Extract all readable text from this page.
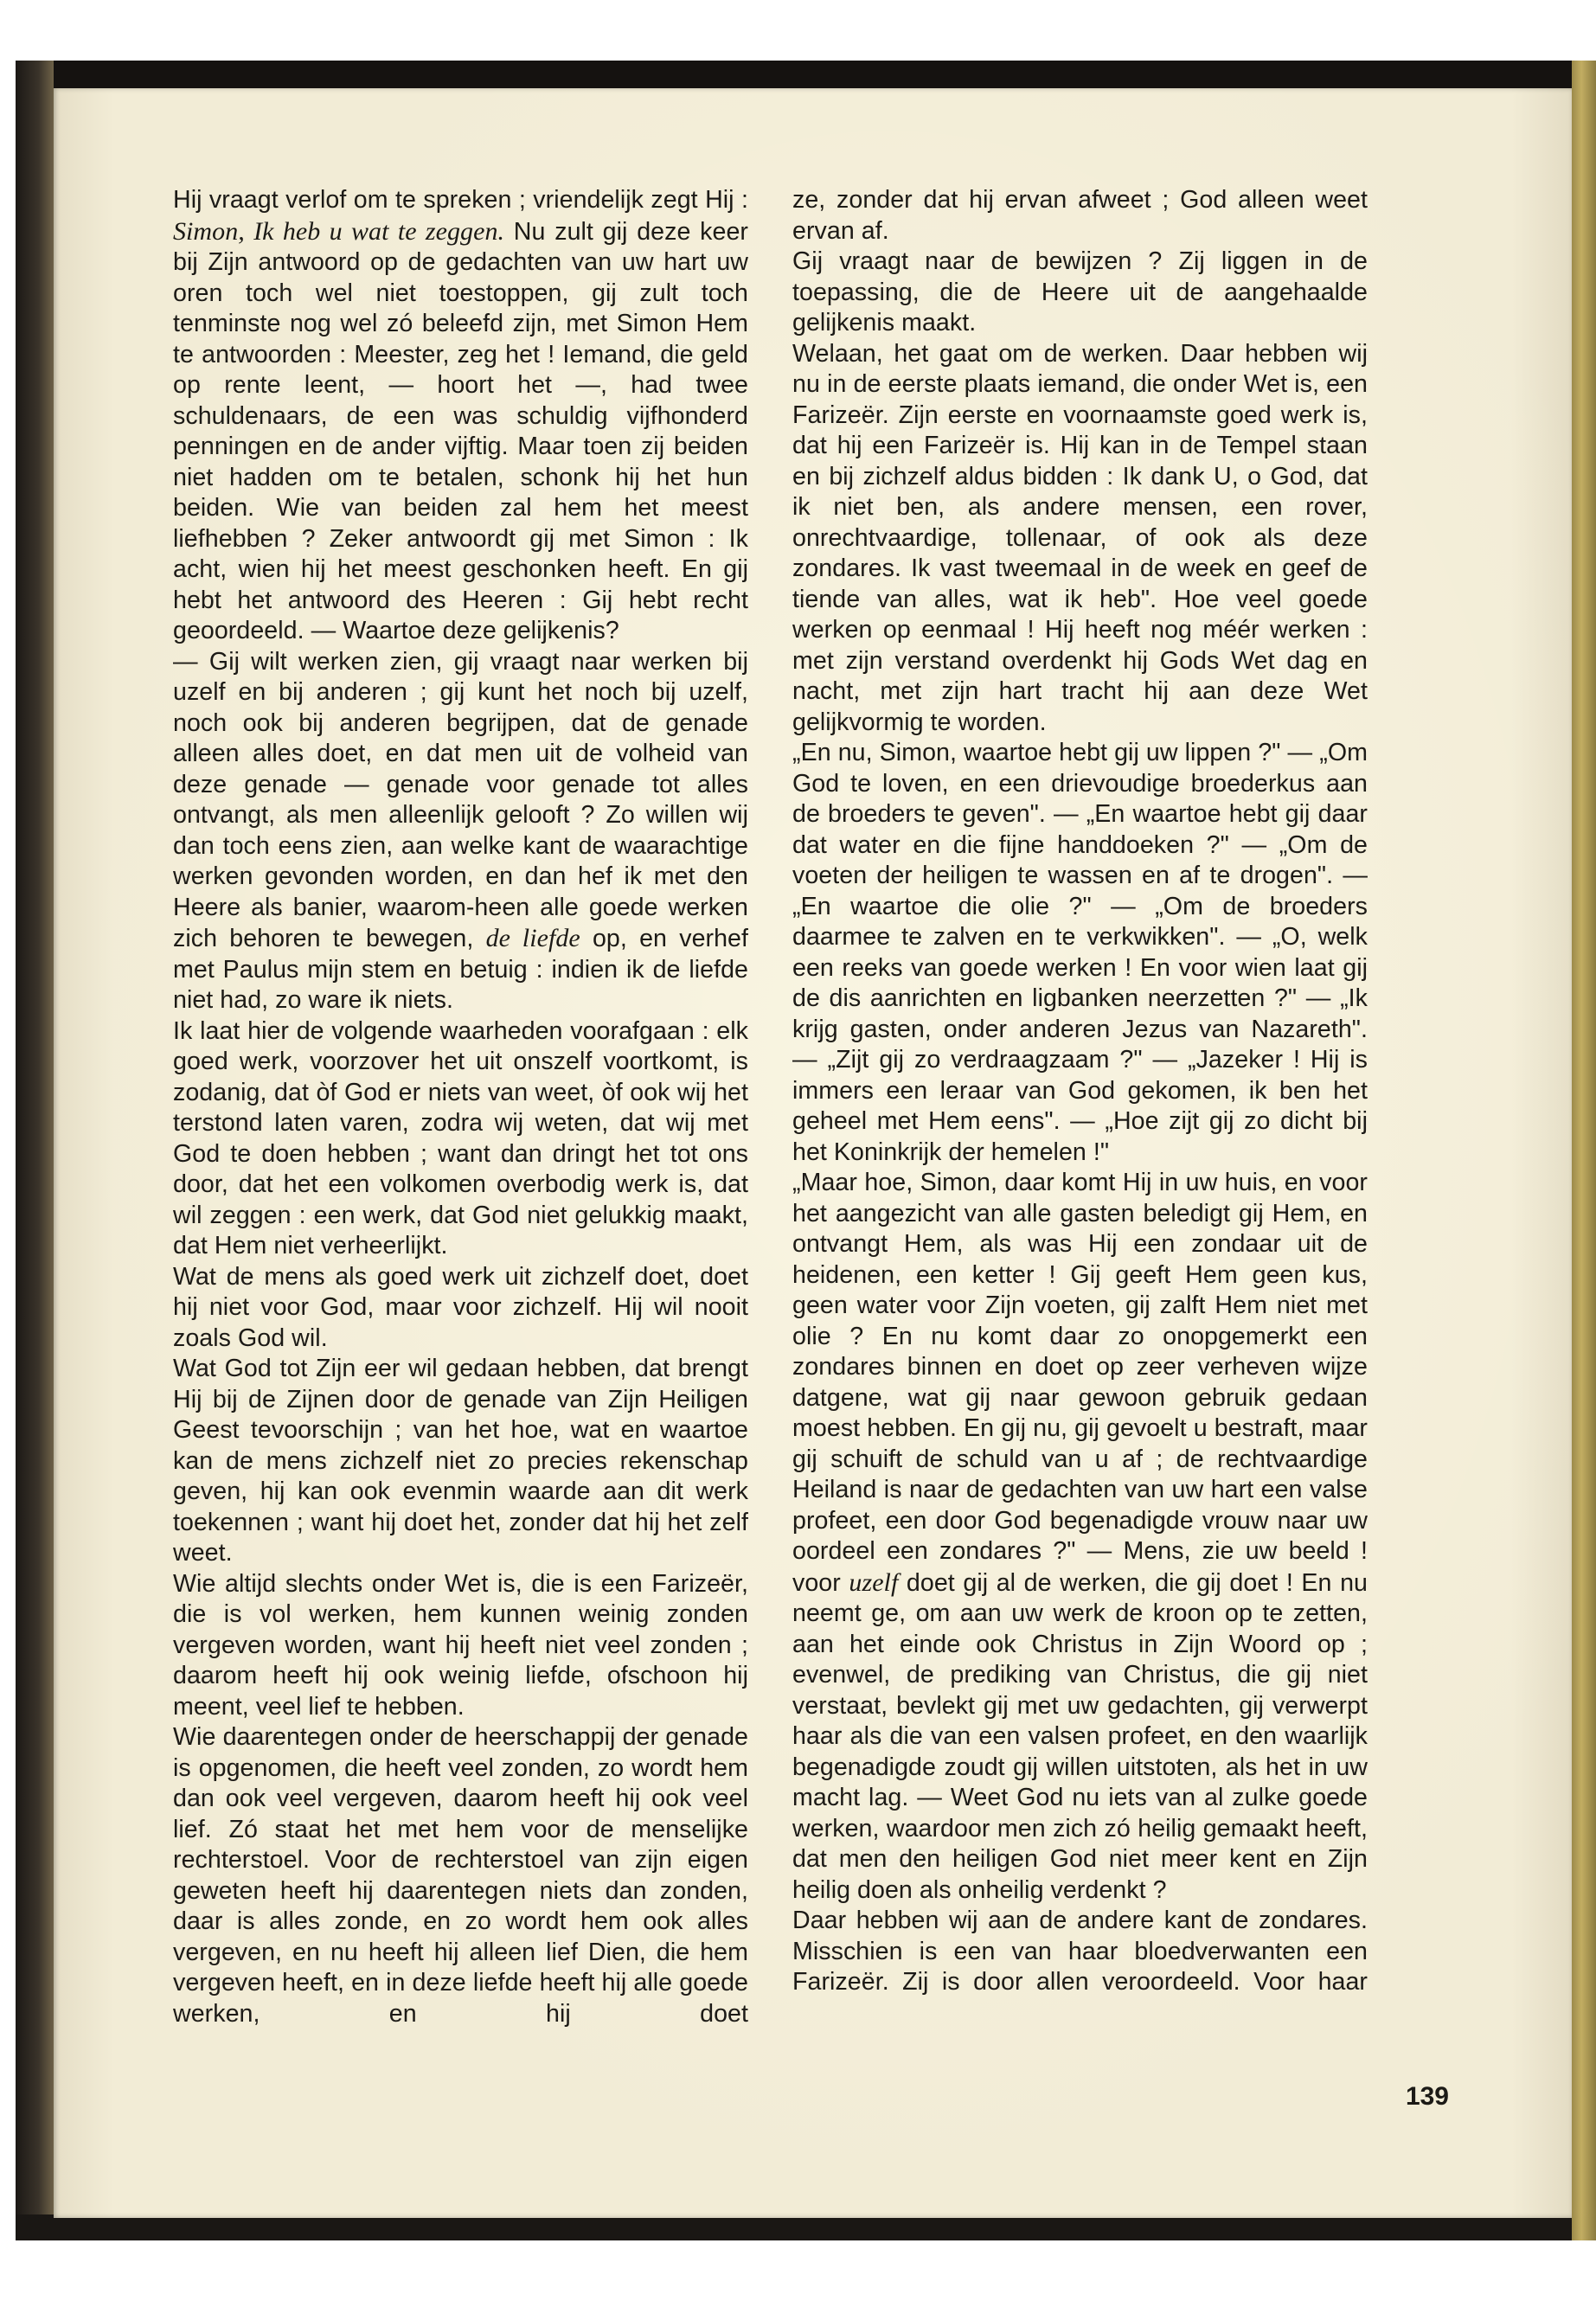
Hij vraagt verlof om te spreken ; vriendelijk zegt Hij : Simon, Ik heb u wat te zeggen. Nu zult gij deze keer bij Zijn antwoord op de gedachten van uw hart uw oren toch wel niet toestoppen, gij zult toch tenminste nog wel zó beleefd zijn, met Simon Hem te antwoorden : Meester, zeg het ! Iemand, die geld op rente leent, — hoort het —, had twee schuldenaars, de een was schuldig vijfhonderd penningen en de ander vijftig. Maar toen zij beiden niet hadden om te betalen, schonk hij het hun beiden. Wie van beiden zal hem het meest liefhebben ? Zeker antwoordt gij met Simon : Ik acht, wien hij het meest geschonken heeft. En gij hebt het antwoord des Heeren : Gij hebt recht geoordeeld. — Waartoe deze gelijkenis?

— Gij wilt werken zien, gij vraagt naar werken bij uzelf en bij anderen ; gij kunt het noch bij uzelf, noch ook bij anderen begrijpen, dat de genade alleen alles doet, en dat men uit de volheid van deze genade — genade voor genade tot alles ontvangt, als men alleenlijk gelooft ? Zo willen wij dan toch eens zien, aan welke kant de waarachtige werken gevonden worden, en dan hef ik met den Heere als banier, waarom-heen alle goede werken zich behoren te bewegen, de liefde op, en verhef met Paulus mijn stem en betuig : indien ik de liefde niet had, zo ware ik niets.

Ik laat hier de volgende waarheden voorafgaan : elk goed werk, voorzover het uit onszelf voortkomt, is zodanig, dat òf God er niets van weet, òf ook wij het terstond laten varen, zodra wij weten, dat wij met God te doen hebben ; want dan dringt het tot ons door, dat het een volkomen overbodig werk is, dat wil zeggen : een werk, dat God niet gelukkig maakt, dat Hem niet verheerlijkt.

Wat de mens als goed werk uit zichzelf doet, doet hij niet voor God, maar voor zichzelf. Hij wil nooit zoals God wil.

Wat God tot Zijn eer wil gedaan hebben, dat brengt Hij bij de Zijnen door de genade van Zijn Heiligen Geest tevoorschijn ; van het hoe, wat en waartoe kan de mens zichzelf niet zo precies rekenschap geven, hij kan ook evenmin waarde aan dit werk toekennen ; want hij doet het, zonder dat hij het zelf weet.

Wie altijd slechts onder Wet is, die is een Farizeër, die is vol werken, hem kunnen weinig zonden vergeven worden, want hij heeft niet veel zonden ; daarom heeft hij ook weinig liefde, ofschoon hij meent, veel lief te hebben.

Wie daarentegen onder de heerschappij der genade is opgenomen, die heeft veel zonden, zo wordt hem dan ook veel vergeven, daarom heeft hij ook veel lief. Zó staat het met hem voor de menselijke rechterstoel. Voor de rechterstoel van zijn eigen geweten heeft hij daarentegen niets dan zonden, daar is alles zonde, en zo wordt hem ook alles vergeven, en nu heeft hij alleen lief Dien, die hem vergeven heeft, en in deze liefde heeft hij alle goede werken, en hij doet

ze, zonder dat hij ervan afweet ; God alleen weet ervan af.

Gij vraagt naar de bewijzen ? Zij liggen in de toepassing, die de Heere uit de aangehaalde gelijkenis maakt.

Welaan, het gaat om de werken. Daar hebben wij nu in de eerste plaats iemand, die onder Wet is, een Farizeër. Zijn eerste en voornaamste goed werk is, dat hij een Farizeër is. Hij kan in de Tempel staan en bij zichzelf aldus bidden : Ik dank U, o God, dat ik niet ben, als andere mensen, een rover, onrechtvaardige, tollenaar, of ook als deze zondares. Ik vast tweemaal in de week en geef de tiende van alles, wat ik heb". Hoe veel goede werken op eenmaal ! Hij heeft nog méér werken : met zijn verstand overdenkt hij Gods Wet dag en nacht, met zijn hart tracht hij aan deze Wet gelijkvormig te worden.

„En nu, Simon, waartoe hebt gij uw lippen ?" — „Om God te loven, en een drievoudige broederkus aan de broeders te geven". — „En waartoe hebt gij daar dat water en die fijne handdoeken ?" — „Om de voeten der heiligen te wassen en af te drogen". — „En waartoe die olie ?" — „Om de broeders daarmee te zalven en te verkwikken". — „O, welk een reeks van goede werken ! En voor wien laat gij de dis aanrichten en ligbanken neerzetten ?" — „Ik krijg gasten, onder anderen Jezus van Nazareth". — „Zijt gij zo verdraagzaam ?" — „Jazeker ! Hij is immers een leraar van God gekomen, ik ben het geheel met Hem eens". — „Hoe zijt gij zo dicht bij het Koninkrijk der hemelen !"

„Maar hoe, Simon, daar komt Hij in uw huis, en voor het aangezicht van alle gasten beledigt gij Hem, en ontvangt Hem, als was Hij een zondaar uit de heidenen, een ketter ! Gij geeft Hem geen kus, geen water voor Zijn voeten, gij zalft Hem niet met olie ? En nu komt daar zo onopgemerkt een zondares binnen en doet op zeer verheven wijze datgene, wat gij naar gewoon gebruik gedaan moest hebben. En gij nu, gij gevoelt u bestraft, maar gij schuift de schuld van u af ; de rechtvaardige Heiland is naar de gedachten van uw hart een valse profeet, een door God begenadigde vrouw naar uw oordeel een zondares ?" — Mens, zie uw beeld ! voor uzelf doet gij al de werken, die gij doet ! En nu neemt ge, om aan uw werk de kroon op te zetten, aan het einde ook Christus in Zijn Woord op ; evenwel, de prediking van Christus, die gij niet verstaat, bevlekt gij met uw gedachten, gij verwerpt haar als die van een valsen profeet, en den waarlijk begenadigde zoudt gij willen uitstoten, als het in uw macht lag. — Weet God nu iets van al zulke goede werken, waardoor men zich zó heilig gemaakt heeft, dat men den heiligen God niet meer kent en Zijn heilig doen als onheilig verdenkt ?

Daar hebben wij aan de andere kant de zondares. Misschien is een van haar bloedverwanten een Farizeër. Zij is door allen veroordeeld. Voor haar

139
